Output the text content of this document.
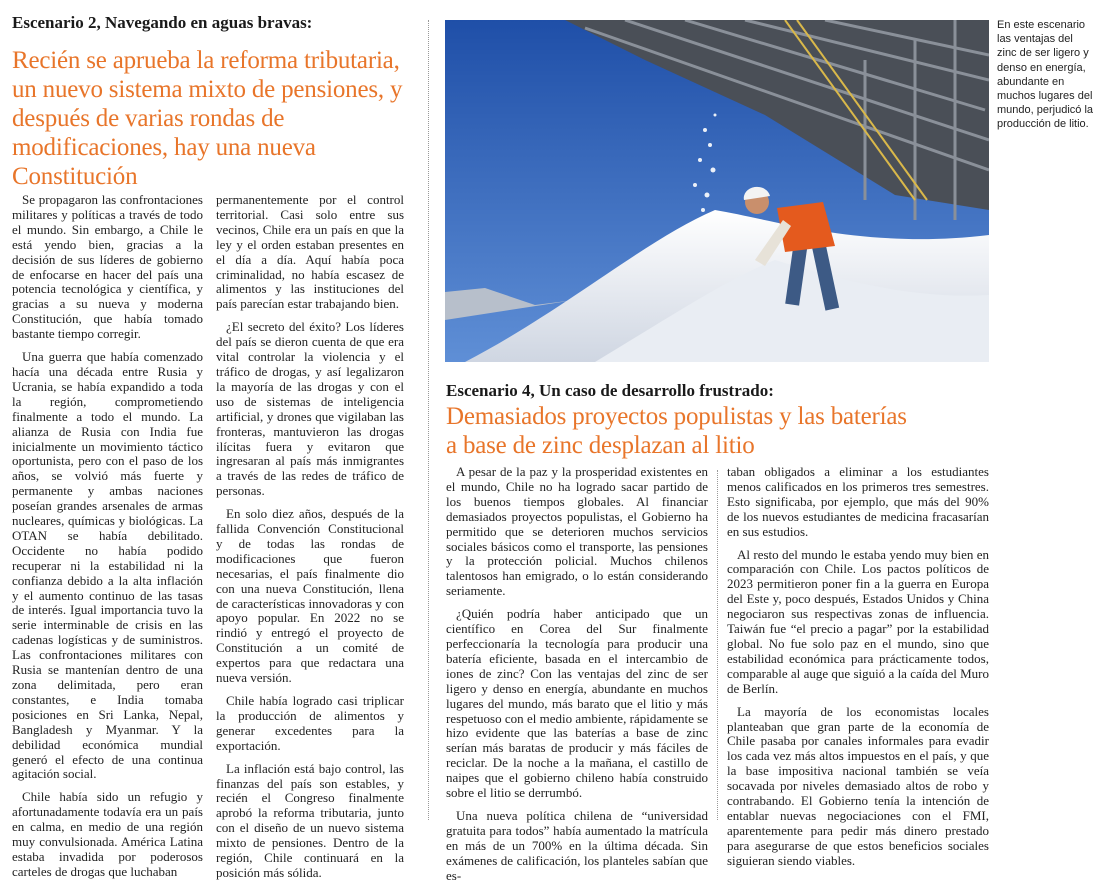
Escenario 2, Navegando en aguas bravas:
Recién se aprueba la reforma tributaria, un nuevo sistema mixto de pensiones, y después de varias rondas de modificaciones, hay una nueva Constitución

Se propagaron las confrontaciones militares y políticas a través de todo el mundo. Sin embargo, a Chile le está yendo bien, gracias a la decisión de sus líderes de gobierno de enfocarse en hacer del país una potencia tecnológica y científica, y gracias a su nueva y moderna Constitución, que había tomado bastante tiempo corregir.

Una guerra que había comenzado hacía una década entre Rusia y Ucrania, se había expandido a toda la región, comprometiendo finalmente a todo el mundo. La alianza de Rusia con India fue inicialmente un movimiento táctico oportunista, pero con el paso de los años, se volvió más fuerte y permanente y ambas naciones poseían grandes arsenales de armas nucleares, químicas y biológicas. La OTAN se había debilitado. Occidente no había podido recuperar ni la estabilidad ni la confianza debido a la alta inflación y el aumento continuo de las tasas de interés. Igual importancia tuvo la serie interminable de crisis en las cadenas logísticas y de suministros. Las confrontaciones militares con Rusia se mantenían dentro de una zona delimitada, pero eran constantes, e India tomaba posiciones en Sri Lanka, Nepal, Bangladesh y Myanmar. Y la debilidad económica mundial generó el efecto de una continua agitación social.

Chile había sido un refugio y afortunadamente todavía era un país en calma, en medio de una región muy convulsionada. América Latina estaba invadida por poderosos carteles de drogas que luchaban

permanentemente por el control territorial. Casi solo entre sus vecinos, Chile era un país en que la ley y el orden estaban presentes en el día a día. Aquí había poca criminalidad, no había escasez de alimentos y las instituciones del país parecían estar trabajando bien.

¿El secreto del éxito? Los líderes del país se dieron cuenta de que era vital controlar la violencia y el tráfico de drogas, y así legalizaron la mayoría de las drogas y con el uso de sistemas de inteligencia artificial, y drones que vigilaban las fronteras, mantuvieron las drogas ilícitas fuera y evitaron que ingresaran al país más inmigrantes a través de las redes de tráfico de personas.

En solo diez años, después de la fallida Convención Constitucional y de todas las rondas de modificaciones que fueron necesarias, el país finalmente dio con una nueva Constitución, llena de características innovadoras y con apoyo popular. En 2022 no se rindió y entregó el proyecto de Constitución a un comité de expertos para que redactara una nueva versión.

Chile había logrado casi triplicar la producción de alimentos y generar excedentes para la exportación.

La inflación está bajo control, las finanzas del país son estables, y recién el Congreso finalmente aprobó la reforma tributaria, junto con el diseño de un nuevo sistema mixto de pensiones. Dentro de la región, Chile continuará en la posición más sólida.

En este escenario las ventajas del zinc de ser ligero y denso en energía, abundante en muchos lugares del mundo, perjudicó la producción de litio.
Escenario 4, Un caso de desarrollo frustrado:
Demasiados proyectos populistas y las baterías a base de zinc desplazan al litio

A pesar de la paz y la prosperidad existentes en el mundo, Chile no ha logrado sacar partido de los buenos tiempos globales. Al financiar demasiados proyectos populistas, el Gobierno ha permitido que se deterioren muchos servicios sociales básicos como el transporte, las pensiones y la protección policial. Muchos chilenos talentosos han emigrado, o lo están considerando seriamente.

¿Quién podría haber anticipado que un científico en Corea del Sur finalmente perfeccionaría la tecnología para producir una batería eficiente, basada en el intercambio de iones de zinc? Con las ventajas del zinc de ser ligero y denso en energía, abundante en muchos lugares del mundo, más barato que el litio y más respetuoso con el medio ambiente, rápidamente se hizo evidente que las baterías a base de zinc serían más baratas de producir y más fáciles de reciclar. De la noche a la mañana, el castillo de naipes que el gobierno chileno había construido sobre el litio se derrumbó.

Una nueva política chilena de “universidad gratuita para todos” había aumentado la matrícula en más de un 700% en la última década. Sin exámenes de calificación, los planteles sabían que es-

taban obligados a eliminar a los estudiantes menos calificados en los primeros tres semestres. Esto significaba, por ejemplo, que más del 90% de los nuevos estudiantes de medicina fracasarían en sus estudios.

Al resto del mundo le estaba yendo muy bien en comparación con Chile. Los pactos políticos de 2023 permitieron poner fin a la guerra en Europa del Este y, poco después, Estados Unidos y China negociaron sus respectivas zonas de influencia. Taiwán fue “el precio a pagar” por la estabilidad global. No fue solo paz en el mundo, sino que estabilidad económica para prácticamente todos, comparable al auge que siguió a la caída del Muro de Berlín.

La mayoría de los economistas locales planteaban que gran parte de la economía de Chile pasaba por canales informales para evadir los cada vez más altos impuestos en el país, y que la base impositiva nacional también se veía socavada por niveles demasiado altos de robo y contrabando. El Gobierno tenía la intención de entablar nuevas negociaciones con el FMI, aparentemente para pedir más dinero prestado para asegurarse de que estos beneficios sociales siguieran siendo viables.
